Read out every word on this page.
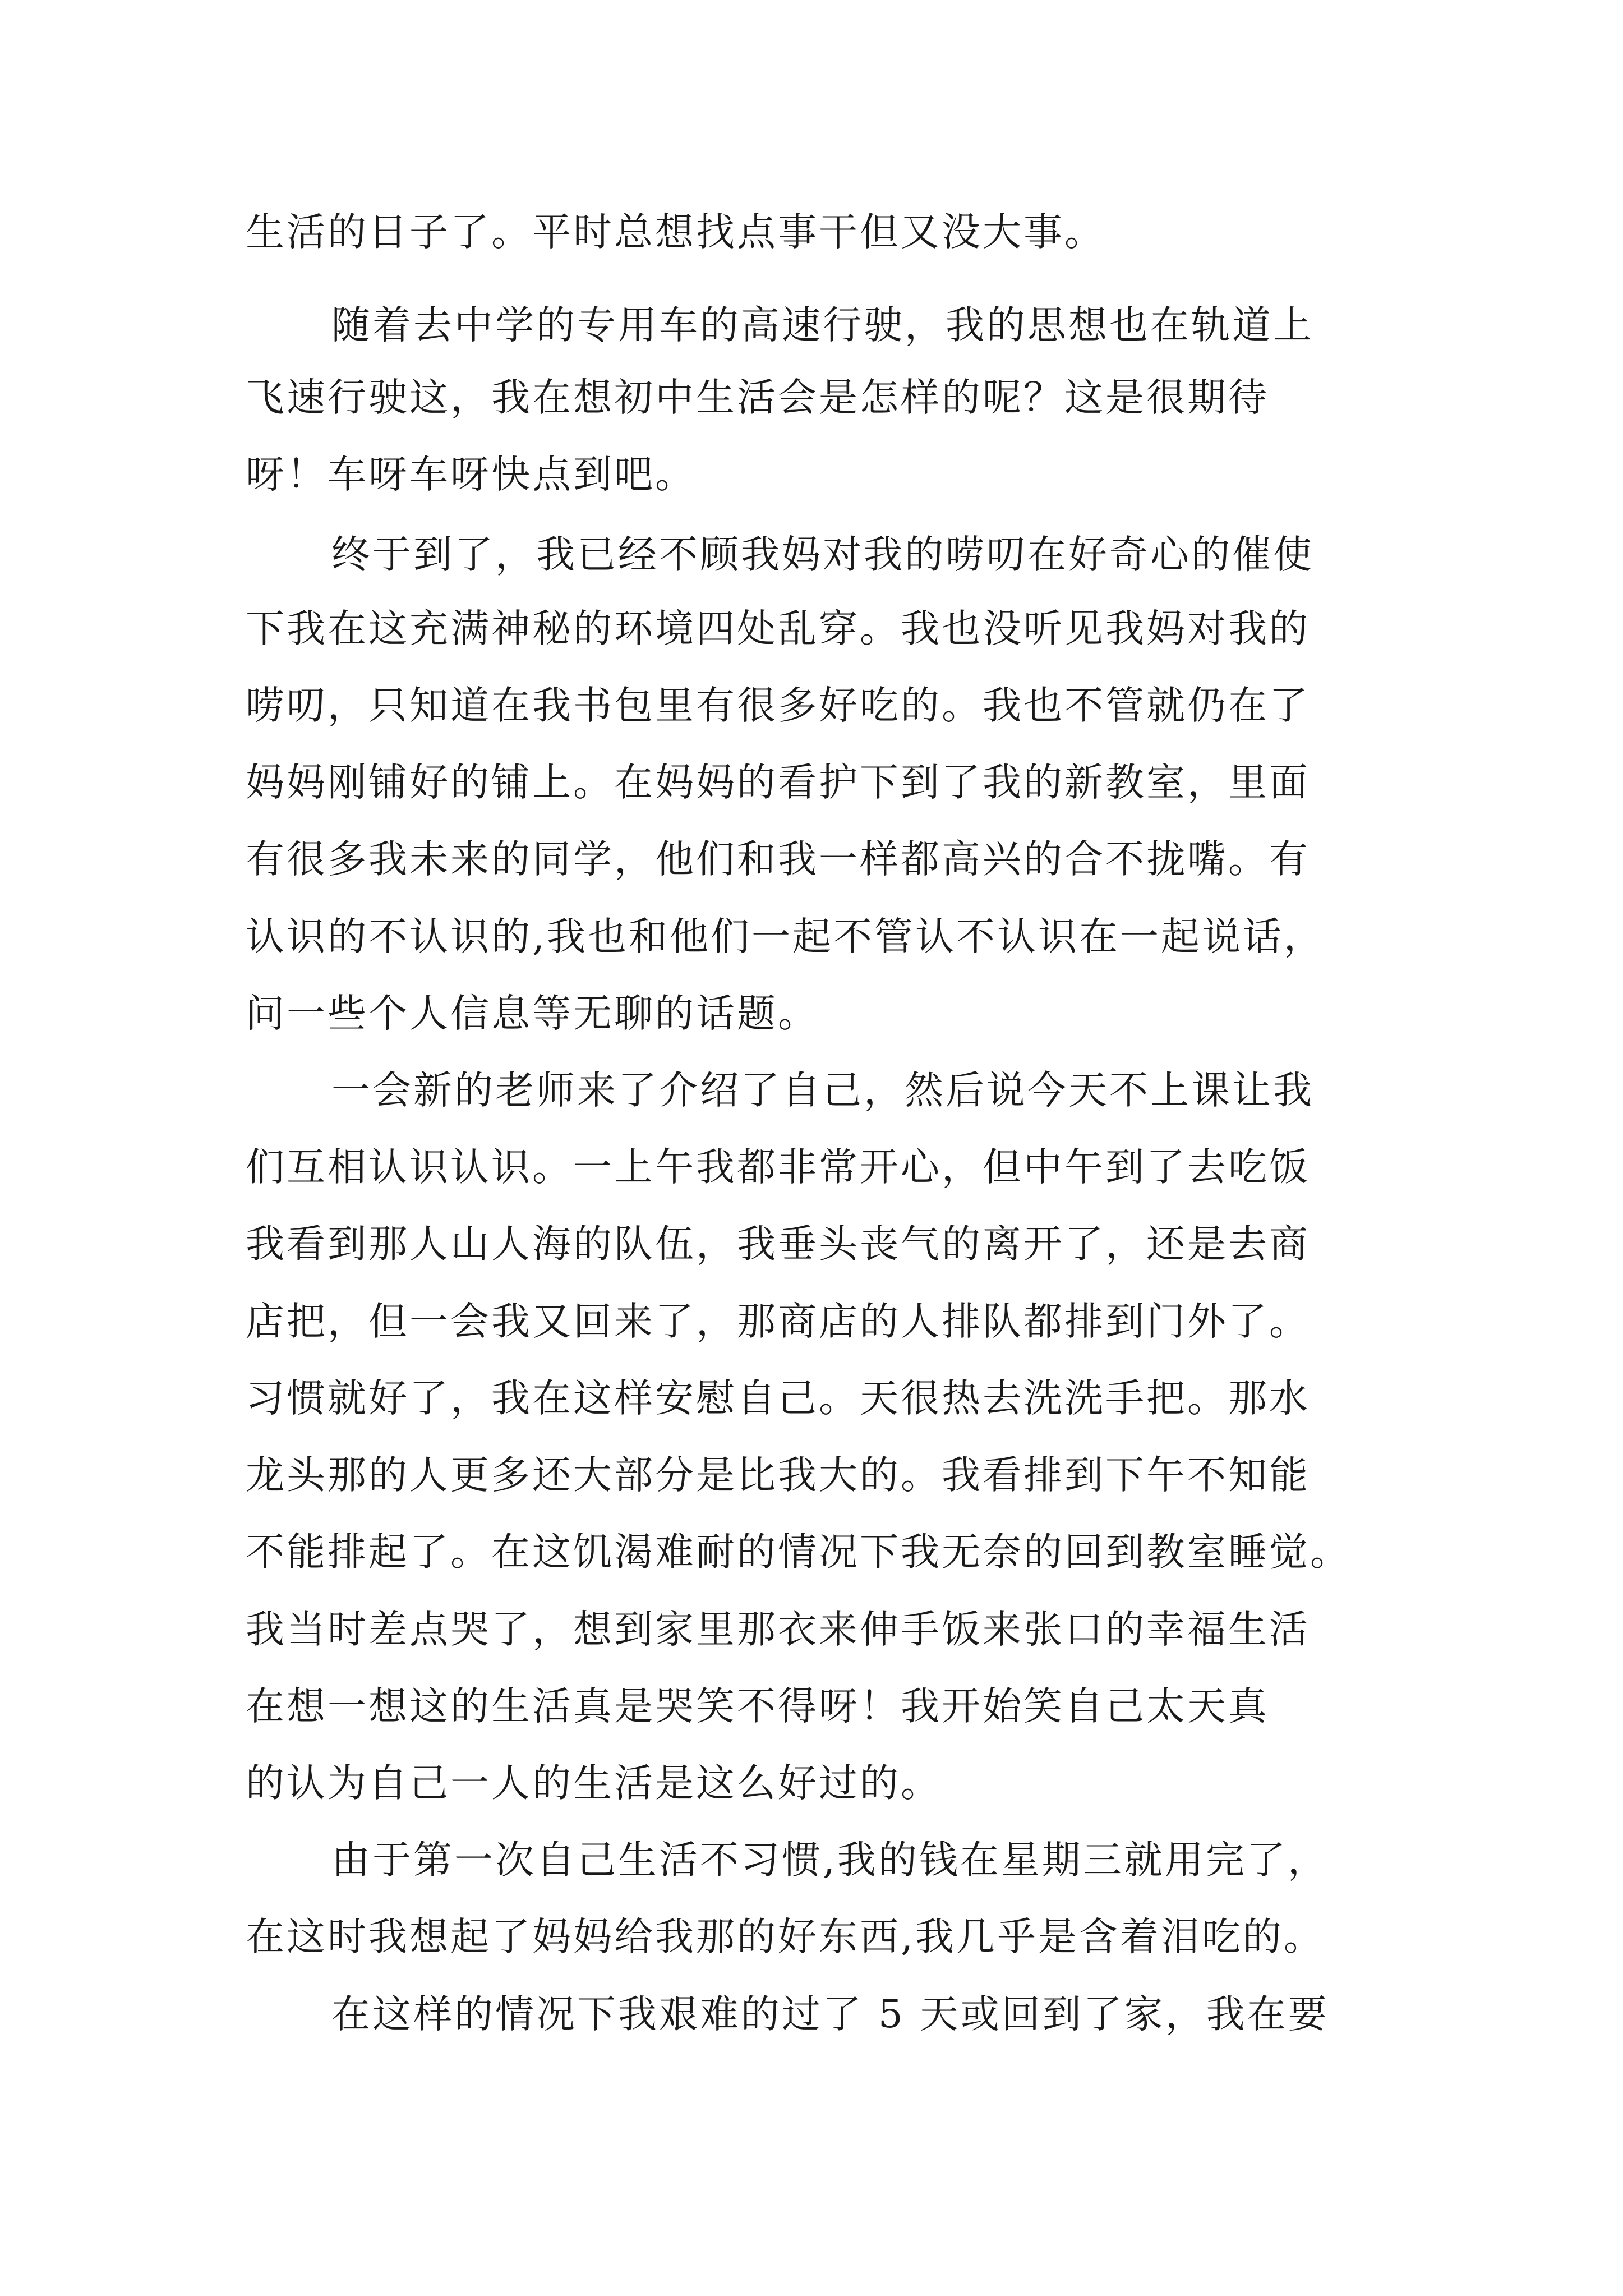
生活的日子了。平时总想找点事干但又没大事。
随着去中学的专用车的高速行驶，我的思想也在轨道上
飞速行驶这，我在想初中生活会是怎样的呢？这是很期待
呀！车呀车呀快点到吧。
终于到了，我已经不顾我妈对我的唠叨在好奇心的催使
下我在这充满神秘的环境四处乱穿。我也没听见我妈对我的
唠叨，只知道在我书包里有很多好吃的。我也不管就仍在了
妈妈刚铺好的铺上。在妈妈的看护下到了我的新教室，里面
有很多我未来的同学，他们和我一样都高兴的合不拢嘴。有
认识的不认识的,我也和他们一起不管认不认识在一起说话，
问一些个人信息等无聊的话题。
一会新的老师来了介绍了自己，然后说今天不上课让我
们互相认识认识。一上午我都非常开心，但中午到了去吃饭
我看到那人山人海的队伍，我垂头丧气的离开了，还是去商
店把，但一会我又回来了，那商店的人排队都排到门外了。
习惯就好了，我在这样安慰自己。天很热去洗洗手把。那水
龙头那的人更多还大部分是比我大的。我看排到下午不知能
不能排起了。在这饥渴难耐的情况下我无奈的回到教室睡觉。
我当时差点哭了，想到家里那衣来伸手饭来张口的幸福生活
在想一想这的生活真是哭笑不得呀！我开始笑自己太天真
的认为自己一人的生活是这么好过的。
由于第一次自己生活不习惯,我的钱在星期三就用完了，
在这时我想起了妈妈给我那的好东西,我几乎是含着泪吃的。
在这样的情况下我艰难的过了 5 天或回到了家，我在要
